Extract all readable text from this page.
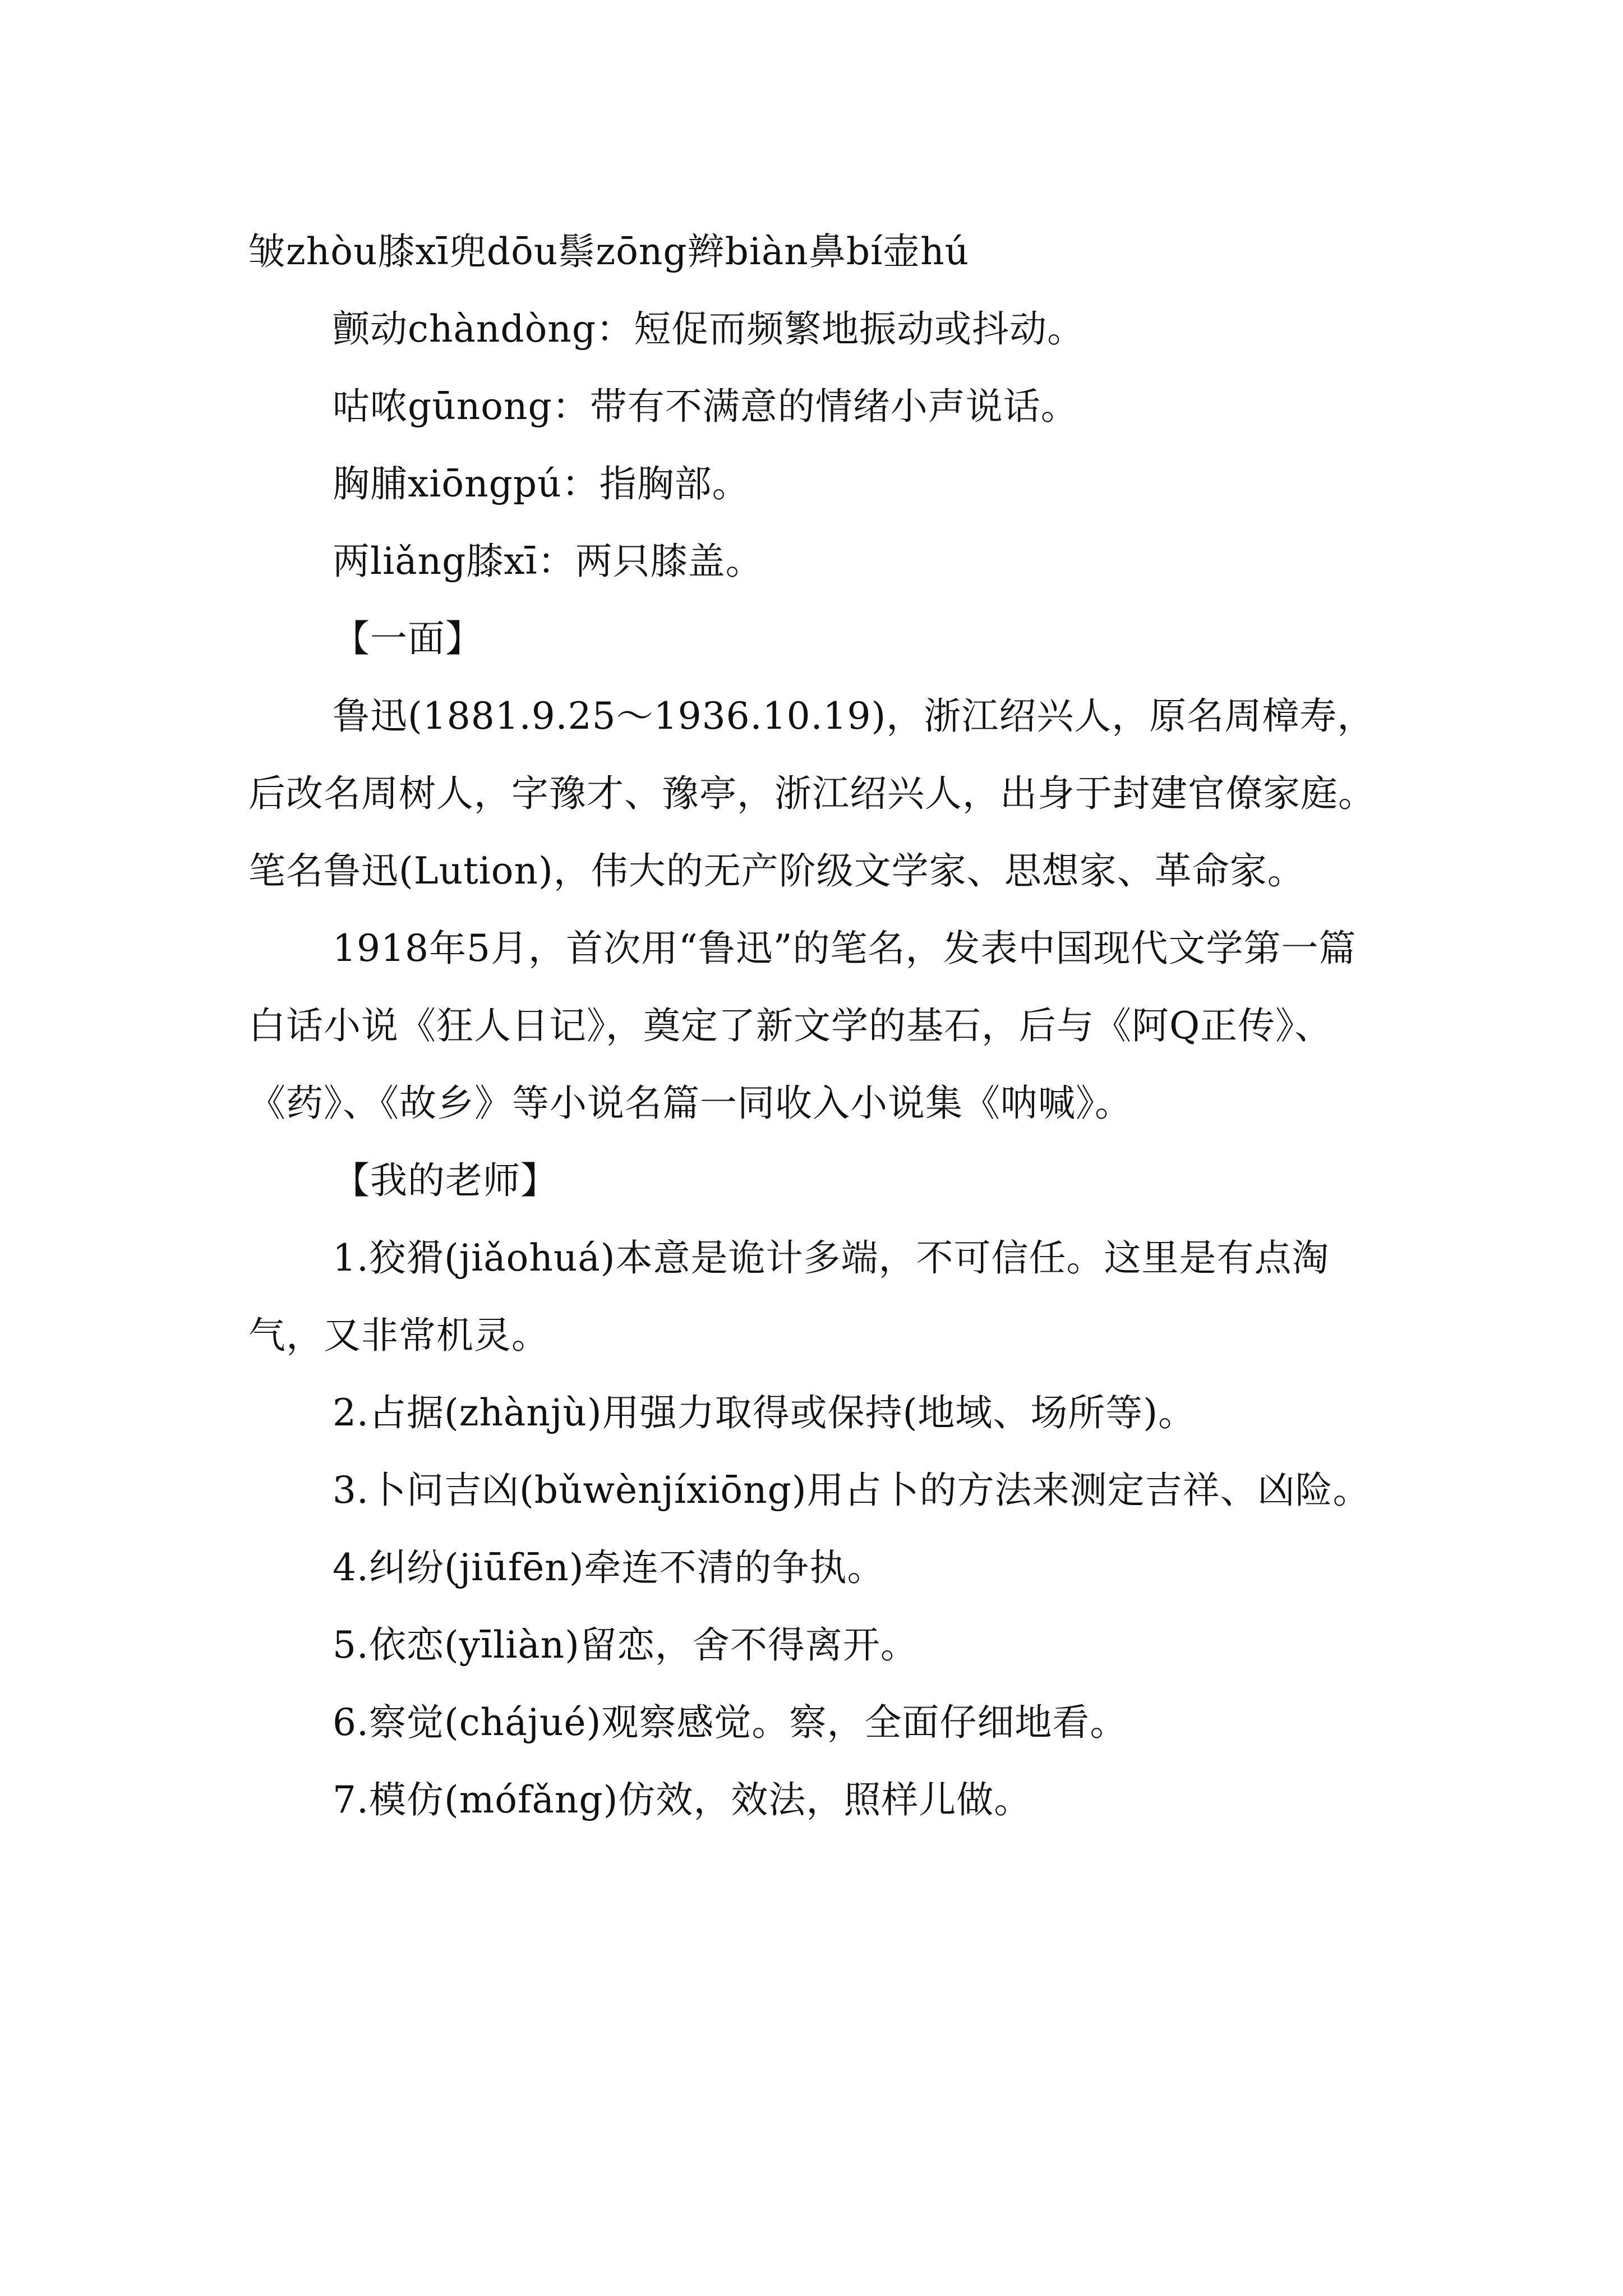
皱zhòu膝xī兜dōu鬃zōng辫biàn鼻bí壶hú

颤动chàndòng：短促而频繁地振动或抖动。

咕哝gūnong：带有不满意的情绪小声说话。

胸脯xiōngpú：指胸部。

两liǎng膝xī：两只膝盖。

【一面】

鲁迅(1881.9.25～1936.10.19)，浙江绍兴人，原名周樟寿，后改名周树人，字豫才、豫亭，浙江绍兴人，出身于封建官僚家庭。笔名鲁迅(Lution)，伟大的无产阶级文学家、思想家、革命家。

1918年5月，首次用“鲁迅”的笔名，发表中国现代文学第一篇白话小说《狂人日记》，奠定了新文学的基石，后与《阿Q正传》、《药》、《故乡》等小说名篇一同收入小说集《呐喊》。

【我的老师】

1.狡猾(jiǎohuá)本意是诡计多端，不可信任。这里是有点淘气，又非常机灵。

2.占据(zhànjù)用强力取得或保持(地域、场所等)。

3.卜问吉凶(bǔwènjíxiōng)用占卜的方法来测定吉祥、凶险。

4.纠纷(jiūfēn)牵连不清的争执。

5.依恋(yīliàn)留恋，舍不得离开。

6.察觉(chájué)观察感觉。察，全面仔细地看。

7.模仿(mófǎng)仿效，效法，照样儿做。
